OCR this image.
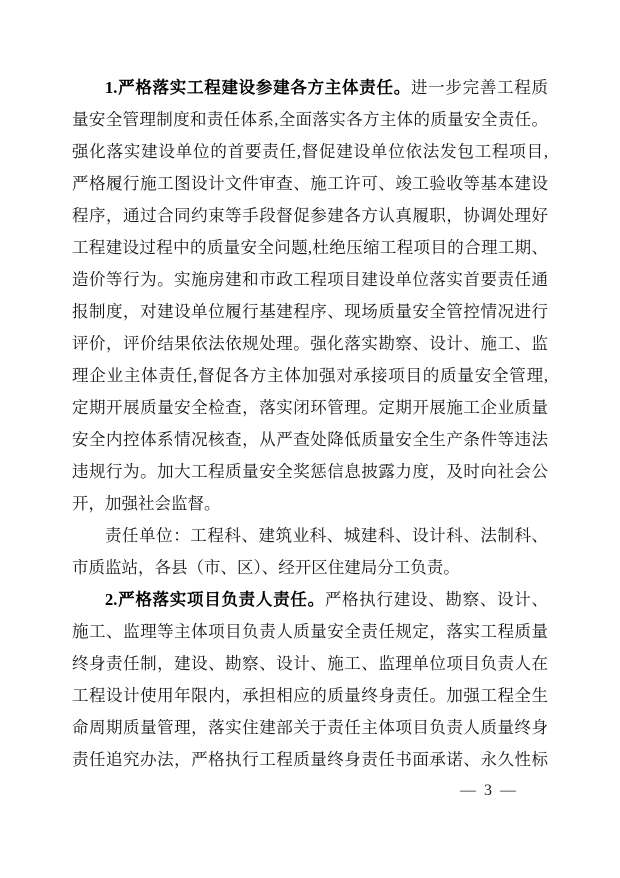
1.严格落实工程建设参建各方主体责任。进一步完善工程质
量安全管理制度和责任体系,全面落实各方主体的质量安全责任。
强化落实建设单位的首要责任,督促建设单位依法发包工程项目,
严格履行施工图设计文件审查、施工许可、竣工验收等基本建设
程序，通过合同约束等手段督促参建各方认真履职，协调处理好
工程建设过程中的质量安全问题,杜绝压缩工程项目的合理工期、
造价等行为。实施房建和市政工程项目建设单位落实首要责任通
报制度，对建设单位履行基建程序、现场质量安全管控情况进行
评价，评价结果依法依规处理。强化落实勘察、设计、施工、监
理企业主体责任,督促各方主体加强对承接项目的质量安全管理,
定期开展质量安全检查，落实闭环管理。定期开展施工企业质量
安全内控体系情况核查，从严查处降低质量安全生产条件等违法
违规行为。加大工程质量安全奖惩信息披露力度，及时向社会公
开，加强社会监督。
责任单位：工程科、建筑业科、城建科、设计科、法制科、
市质监站，各县（市、区）、经开区住建局分工负责。
2.严格落实项目负责人责任。严格执行建设、勘察、设计、
施工、监理等主体项目负责人质量安全责任规定，落实工程质量
终身责任制，建设、勘察、设计、施工、监理单位项目负责人在
工程设计使用年限内，承担相应的质量终身责任。加强工程全生
命周期质量管理，落实住建部关于责任主体项目负责人质量终身
责任追究办法，严格执行工程质量终身责任书面承诺、永久性标
— 3 —
